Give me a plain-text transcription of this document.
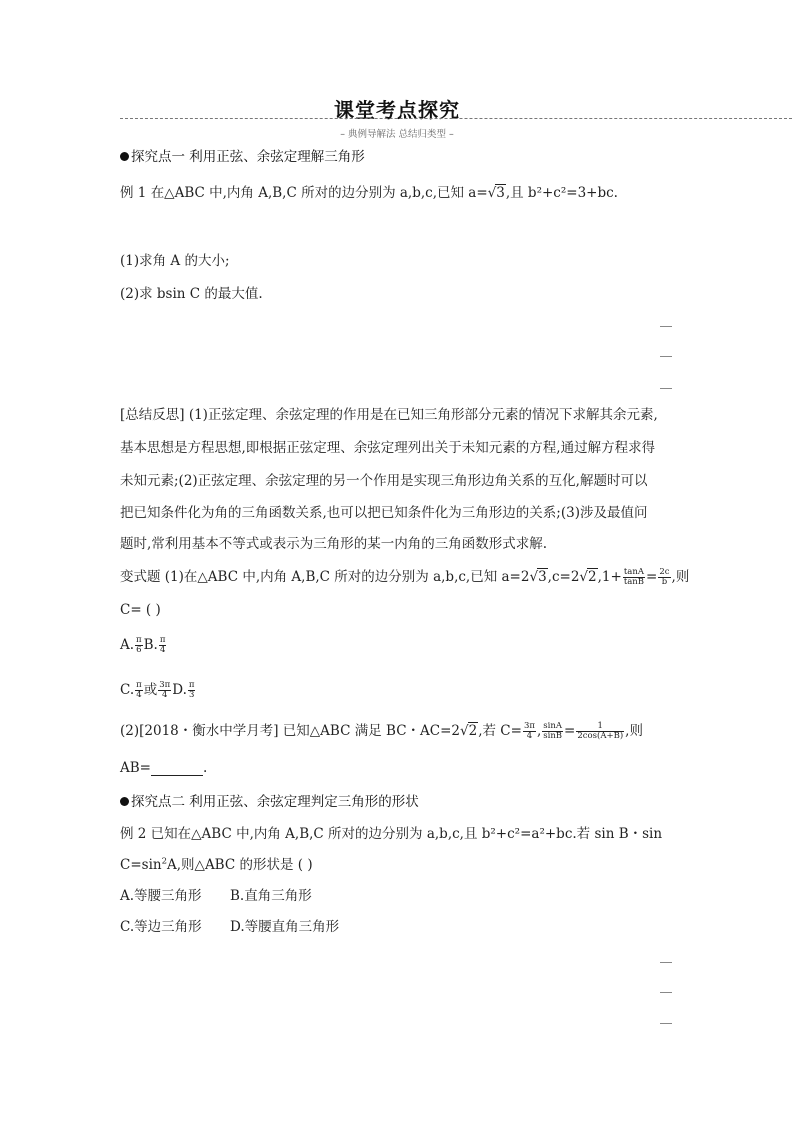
课堂考点探究
– 典例导解法 总结归类型 –
探究点一 利用正弦、余弦定理解三角形
例 1 在△ABC 中,内角 A,B,C 所对的边分别为 a,b,c,已知 a=√3,且 b²+c²=3+bc.
(1)求角 A 的大小;
(2)求 bsin C 的最大值.
[总结反思] (1)正弦定理、余弦定理的作用是在已知三角形部分元素的情况下求解其余元素,
基本思想是方程思想,即根据正弦定理、余弦定理列出关于未知元素的方程,通过解方程求得
未知元素;(2)正弦定理、余弦定理的另一个作用是实现三角形边角关系的互化,解题时可以
把已知条件化为角的三角函数关系,也可以把已知条件化为三角形边的关系;(3)涉及最值问
题时,常利用基本不等式或表示为三角形的某一内角的三角函数形式求解.
变式题 (1)在△ABC 中,内角 A,B,C 所对的边分别为 a,b,c,已知 $a=2√3,c=2√2,1+ \frac{\tan A}{\tan B} = \frac{2c}{b}$ ,则
C= ( )
A. $\frac{\pi}{6} B$. $\frac{\pi}{4}$
C. $\frac{\pi}{4}$ 或 $\frac{3\pi}{4} D$. $\frac{\pi}{3}$
(2)[2018・衡水中学月考] 已知△ABC 满足 BC・AC=2√2,若 $C= \frac{3\pi}{4}$ , $\frac{\sin A}{\sin B} = \frac{1}{2\cos(A+B)}$ ,则
AB=	.
探究点二 利用正弦、余弦定理判定三角形的形状
例 2 已知在△ABC 中,内角 A,B,C 所对的边分别为 a,b,c,且 b²+c²=a²+bc.若 sin B・sin
$C=\sin^2A$,则△ABC 的形状是 ( )
A.等腰三角形 B.直角三角形
C.等边三角形 D.等腰直角三角形
